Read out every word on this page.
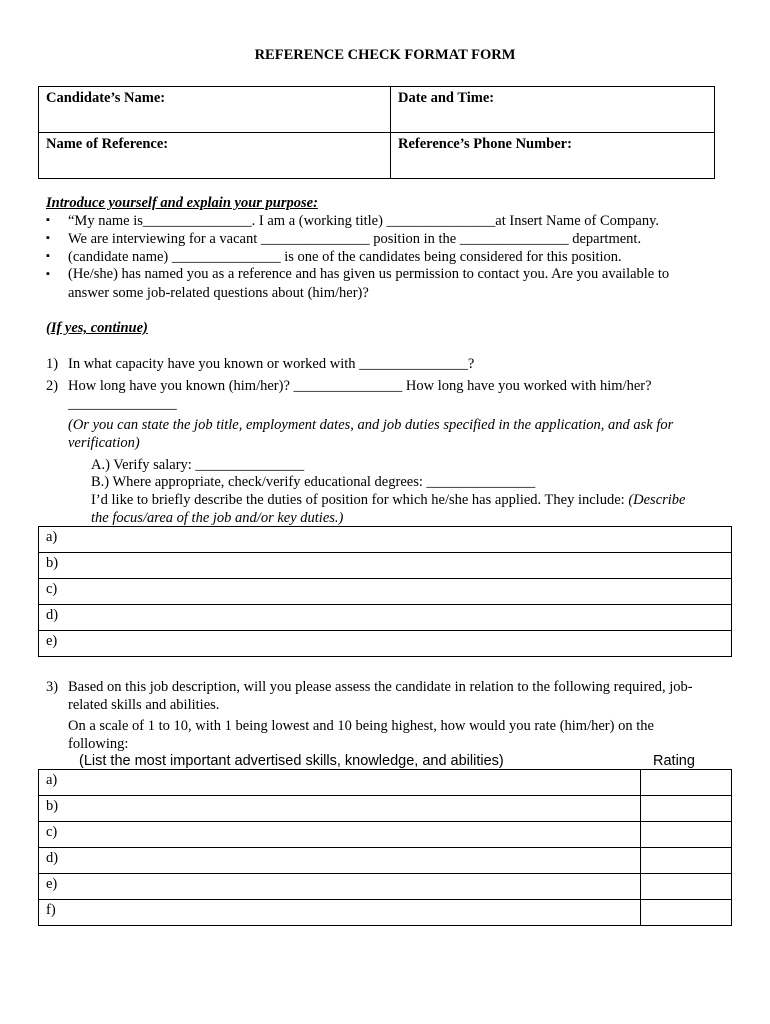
REFERENCE CHECK FORMAT FORM
Candidate’s Name:	Date and Time:
Name of Reference:	Reference’s Phone Number:
Introduce yourself and explain your purpose:
▪ “My name is_______________. I am a (working title) _______________at Insert Name of Company.
▪ We are interviewing for a vacant _______________ position in the _______________ department.
▪ (candidate name) _______________ is one of the candidates being considered for this position.
▪ (He/she) has named you as a reference and has given us permission to contact you. Are you available to
answer some job-related questions about (him/her)?
(If yes, continue)
1) In what capacity have you known or worked with _______________?
2) How long have you known (him/her)? _______________ How long have you worked with him/her?
_______________
(Or you can state the job title, employment dates, and job duties specified in the application, and ask for
verification)
A.) Verify salary: _______________
B.) Where appropriate, check/verify educational degrees: _______________
I’d like to briefly describe the duties of position for which he/she has applied. They include: (Describe
the focus/area of the job and/or key duties.)
a)
b)
c)
d)
e)
3) Based on this job description, will you please assess the candidate in relation to the following required, job-
related skills and abilities.
On a scale of 1 to 10, with 1 being lowest and 10 being highest, how would you rate (him/her) on the
following:
(List the most important advertised skills, knowledge, and abilities)	Rating
a)	
b)	
c)	
d)	
e)	
f)	
